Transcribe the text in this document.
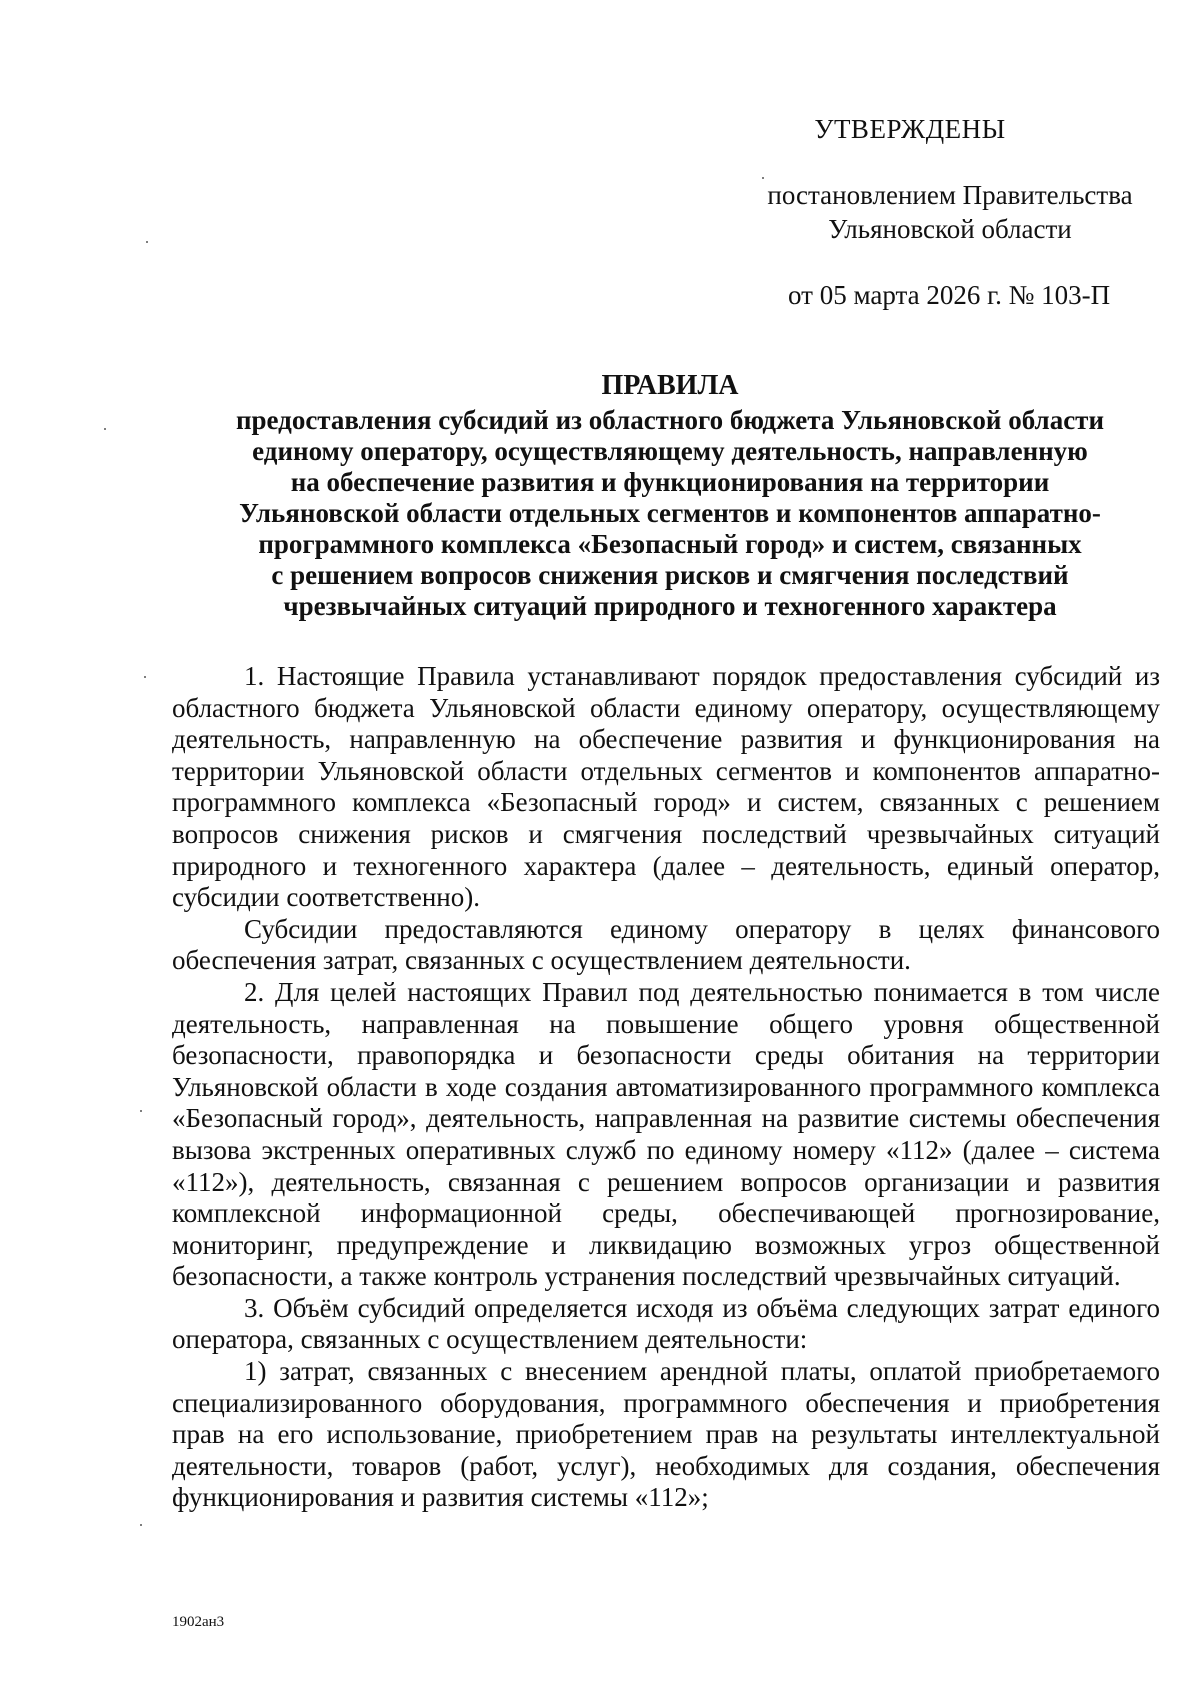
УТВЕРЖДЕНЫ
постановлением Правительства
Ульяновской области
от 05 марта 2026 г. № 103-П
ПРАВИЛА
предоставления субсидий из областного бюджета Ульяновской области
единому оператору, осуществляющему деятельность, направленную
на обеспечение развития и функционирования на территории
Ульяновской области отдельных сегментов и компонентов аппаратно-
программного комплекса «Безопасный город» и систем, связанных
с решением вопросов снижения рисков и смягчения последствий
чрезвычайных ситуаций природного и техногенного характера

1. Настоящие Правила устанавливают порядок предоставления субсидий из областного бюджета Ульяновской области единому оператору, осуществляющему деятельность, направленную на обеспечение развития и функционирования на территории Ульяновской области отдельных сегментов и компонентов аппаратно-программного комплекса «Безопасный город» и систем, связанных с решением вопросов снижения рисков и смягчения последствий чрезвычайных ситуаций природного и техногенного характера (далее – деятельность, единый оператор, субсидии соответственно).

Субсидии предоставляются единому оператору в целях финансового обеспечения затрат, связанных с осуществлением деятельности.

2. Для целей настоящих Правил под деятельностью понимается в том числе деятельность, направленная на повышение общего уровня общественной безопасности, правопорядка и безопасности среды обитания на территории Ульяновской области в ходе создания автоматизированного программного комплекса «Безопасный город», деятельность, направленная на развитие системы обеспечения вызова экстренных оперативных служб по единому номеру «112» (далее – система «112»), деятельность, связанная с решением вопросов организации и развития комплексной информационной среды, обеспечивающей прогнозирование, мониторинг, предупреждение и ликвидацию возможных угроз общественной безопасности, а также контроль устранения последствий чрезвычайных ситуаций.

3. Объём субсидий определяется исходя из объёма следующих затрат единого оператора, связанных с осуществлением деятельности:

1) затрат, связанных с внесением арендной платы, оплатой приобретаемого специализированного оборудования, программного обеспечения и приобретения прав на его использование, приобретением прав на результаты интеллектуальной деятельности, товаров (работ, услуг), необходимых для создания, обеспечения функционирования и развития системы «112»;

1902ан3
